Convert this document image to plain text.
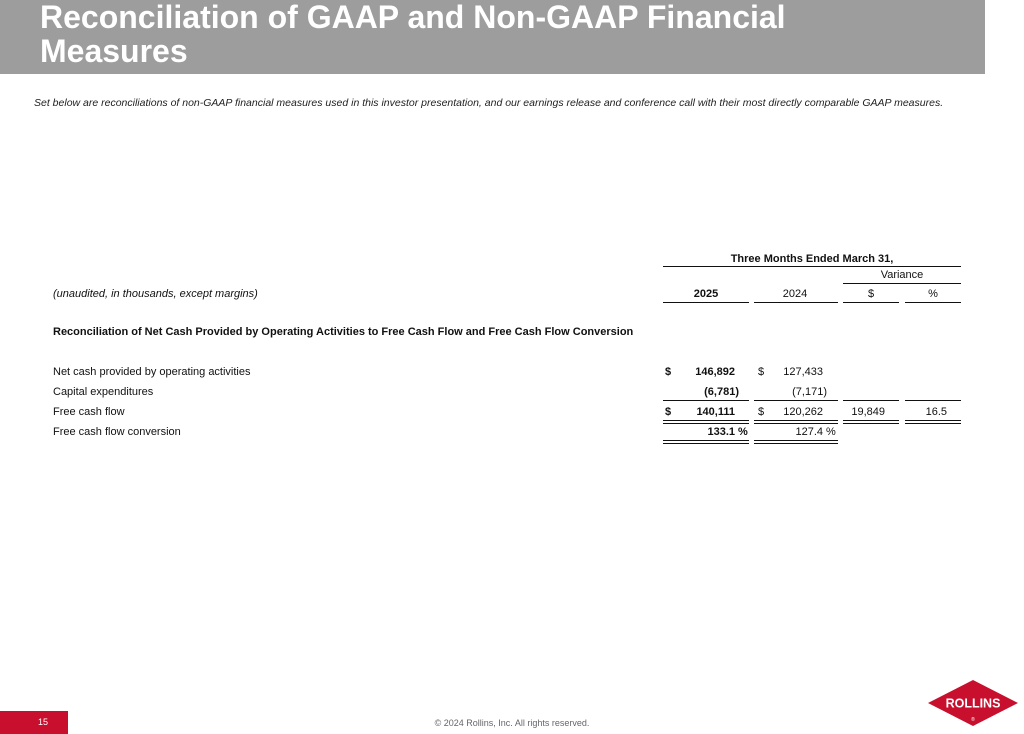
Reconciliation of GAAP and Non-GAAP Financial
Measures
Set below are reconciliations of non-GAAP financial measures used in this investor presentation, and our earnings release and conference call with their most directly comparable GAAP measures.
Three Months Ended March 31,
Variance
(unaudited, in thousands, except margins)	2025	2024	$	%
Reconciliation of Net Cash Provided by Operating Activities to Free Cash Flow and Free Cash Flow Conversion
Net cash provided by operating activities	$	146,892 $	127,433
Capital expenditures	(6,781)	(7,171)
Free cash flow	$	140,111 $	120,262	19,849	16.5
Free cash flow conversion	133.1 %	127.4 %
15	© 2024 Rollins, Inc. All rights reserved.
ROLLINS
®
